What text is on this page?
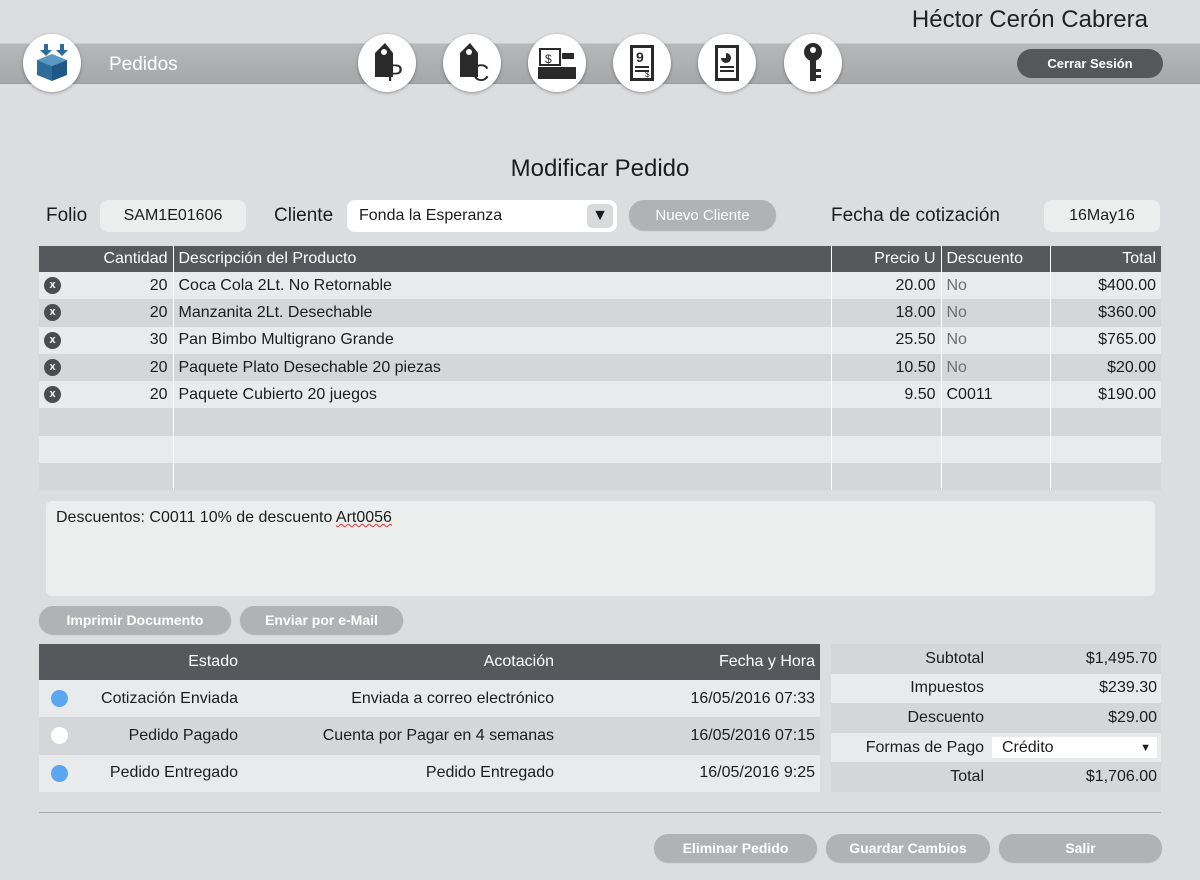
Héctor Cerón Cabrera
Pedidos	P	C
$	9
$
Cerrar Sesión
Modificar Pedido
Folio	SAM1E01606	Cliente Fonda la Esperanza	▼	Nuevo Cliente	Fecha de cotización	16May16
Cantidad	Descripción del Producto	Precio U	Descuento	Total

x 20	Coca Cola 2Lt. No Retornable	20.00	No	$400.00

x 20	Manzanita 2Lt. Desechable	18.00	No	$360.00

x 30	Pan Bimbo Multigrano Grande	25.50	No	$765.00

x 20	Paquete Plato Desechable 20 piezas	10.50	No	$20.00

x 20	Paquete Cubierto 20 juegos	9.50	C0011	$190.00

Descuentos: C0011 10% de descuento Art0056
Imprimir Documento	Enviar por e-Mail
Estado	Acotación	Fecha y Hora

Cotización Enviada	Enviada a correo electrónico	16/05/2016 07:33

Pedido Pagado	Cuenta por Pagar en 4 semanas	16/05/2016 07:15

Pedido Entregado	Pedido Entregado	16/05/2016 9:25
Subtotal	$1,495.70
Impuestos	$239.30
Descuento	$29.00
Formas de Pago	Crédito ▼

Total	$1,706.00
Eliminar Pedido	Guardar Cambios	Salir
